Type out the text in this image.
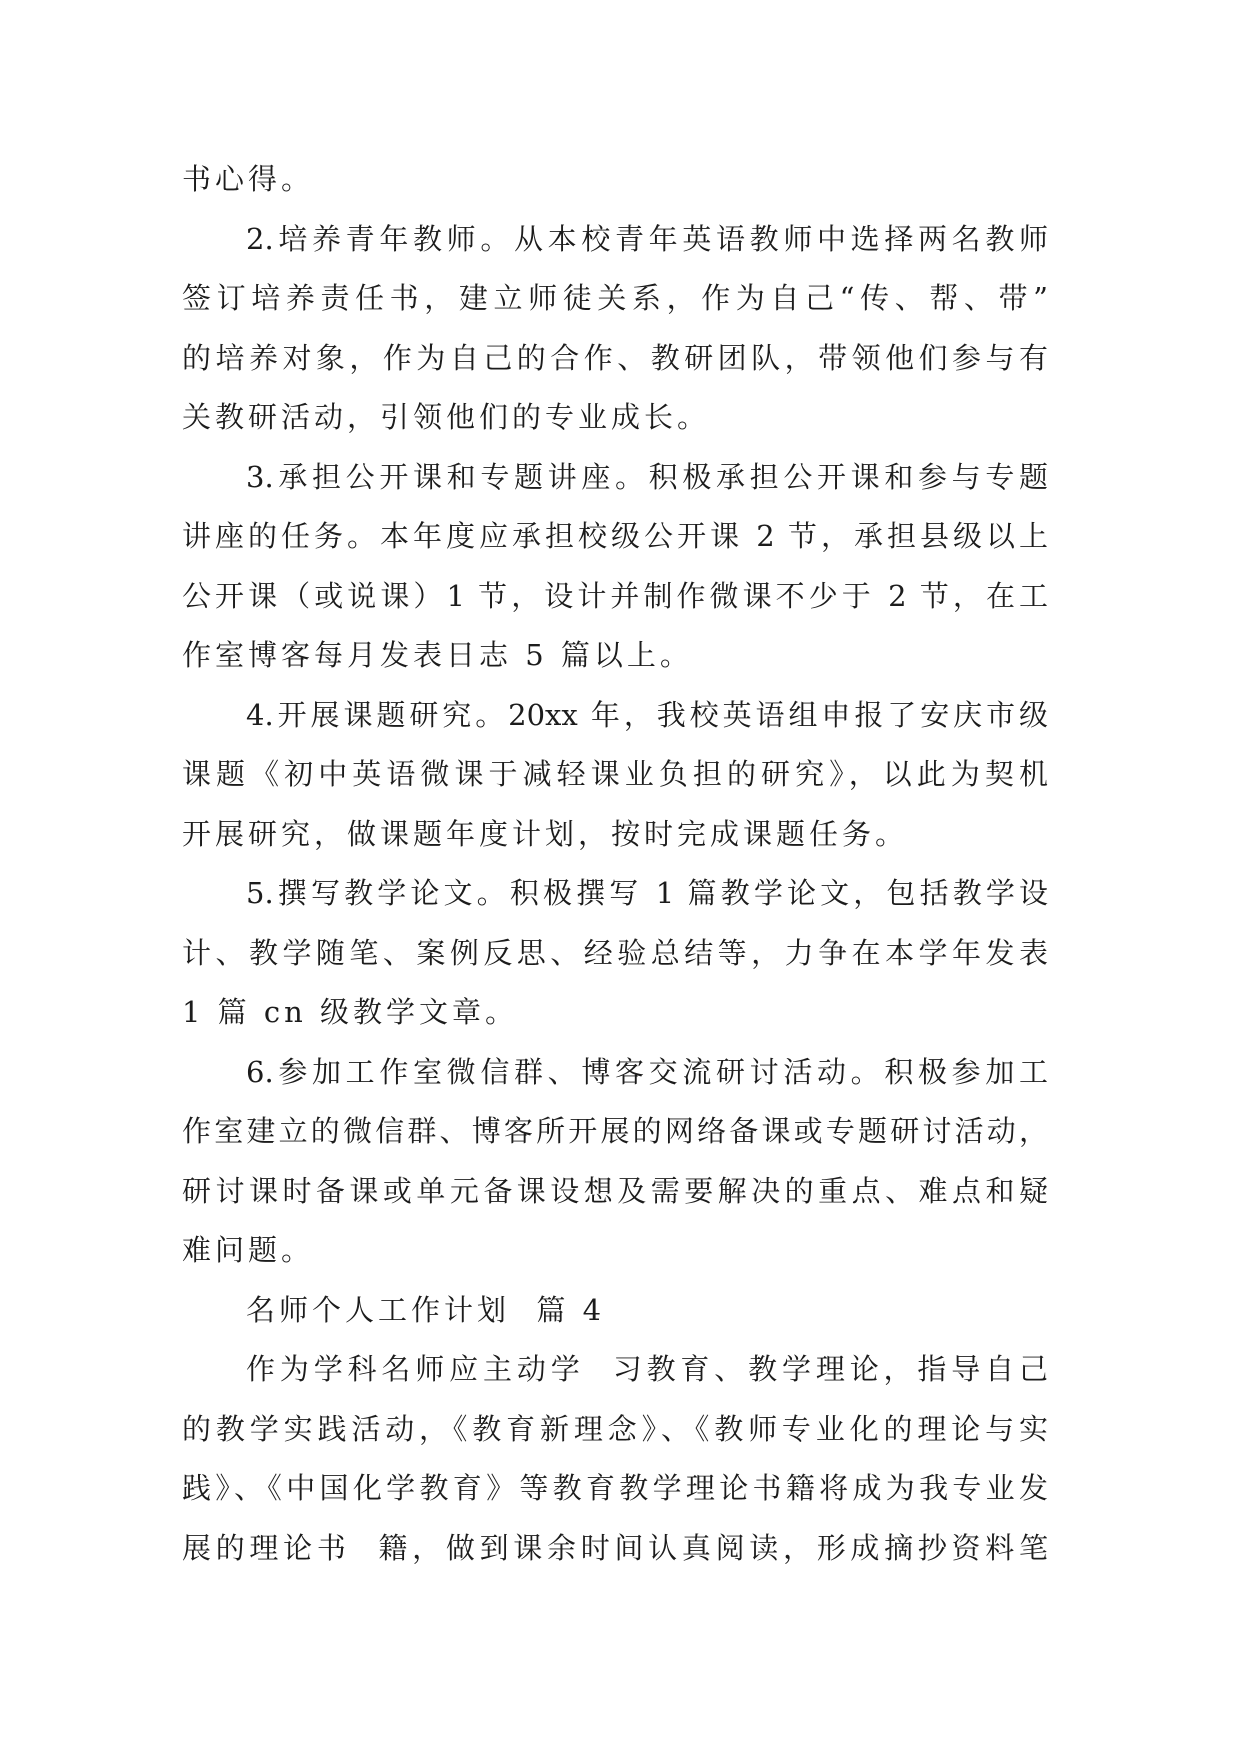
书心得。
2.培养青年教师。从本校青年英语教师中选择两名教师
签订培养责任书，建立师徒关系，作为自己“传、帮、带”
的培养对象，作为自己的合作、教研团队，带领他们参与有
关教研活动，引领他们的专业成长。
3.承担公开课和专题讲座。积极承担公开课和参与专题
讲座的任务。本年度应承担校级公开课 2 节，承担县级以上
公开课（或说课）1 节，设计并制作微课不少于 2 节，在工
作室博客每月发表日志 5 篇以上。
4.开展课题研究。20xx 年，我校英语组申报了安庆市级
课题《初中英语微课于减轻课业负担的研究》，以此为契机
开展研究，做课题年度计划，按时完成课题任务。
5.撰写教学论文。积极撰写 1 篇教学论文，包括教学设
计、教学随笔、案例反思、经验总结等，力争在本学年发表
1 篇 cn 级教学文章。
6.参加工作室微信群、博客交流研讨活动。积极参加工
作室建立的微信群、博客所开展的网络备课或专题研讨活动，
研讨课时备课或单元备课设想及需要解决的重点、难点和疑
难问题。
名师个人工作计划  篇 4
作为学科名师应主动学  习教育、教学理论，指导自己
的教学实践活动，《教育新理念》、《教师专业化的理论与实
践》、《中国化学教育》等教育教学理论书籍将成为我专业发
展的理论书  籍，做到课余时间认真阅读，形成摘抄资料笔
